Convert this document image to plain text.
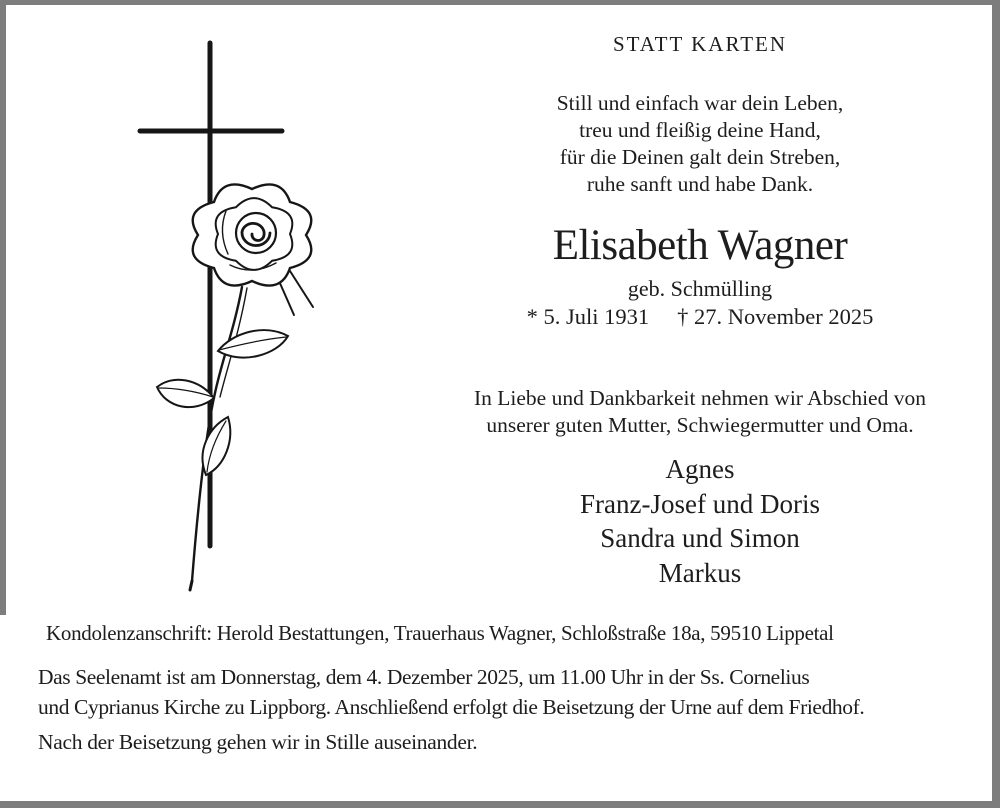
STATT KARTEN
Still und einfach war dein Leben,
treu und fleißig deine Hand,
für die Deinen galt dein Streben,
ruhe sanft und habe Dank.
Elisabeth Wagner
geb. Schmülling
* 5. Juli 1931 † 27. November 2025
In Liebe und Dankbarkeit nehmen wir Abschied von
unserer guten Mutter, Schwiegermutter und Oma.
Agnes
Franz-Josef und Doris
Sandra und Simon
Markus
Kondolenzanschrift: Herold Bestattungen, Trauerhaus Wagner, Schloßstraße 18a, 59510 Lippetal
Das Seelenamt ist am Donnerstag, dem 4. Dezember 2025, um 11.00 Uhr in der Ss. Cornelius
und Cyprianus Kirche zu Lippborg. Anschließend erfolgt die Beisetzung der Urne auf dem Friedhof.
Nach der Beisetzung gehen wir in Stille auseinander.
